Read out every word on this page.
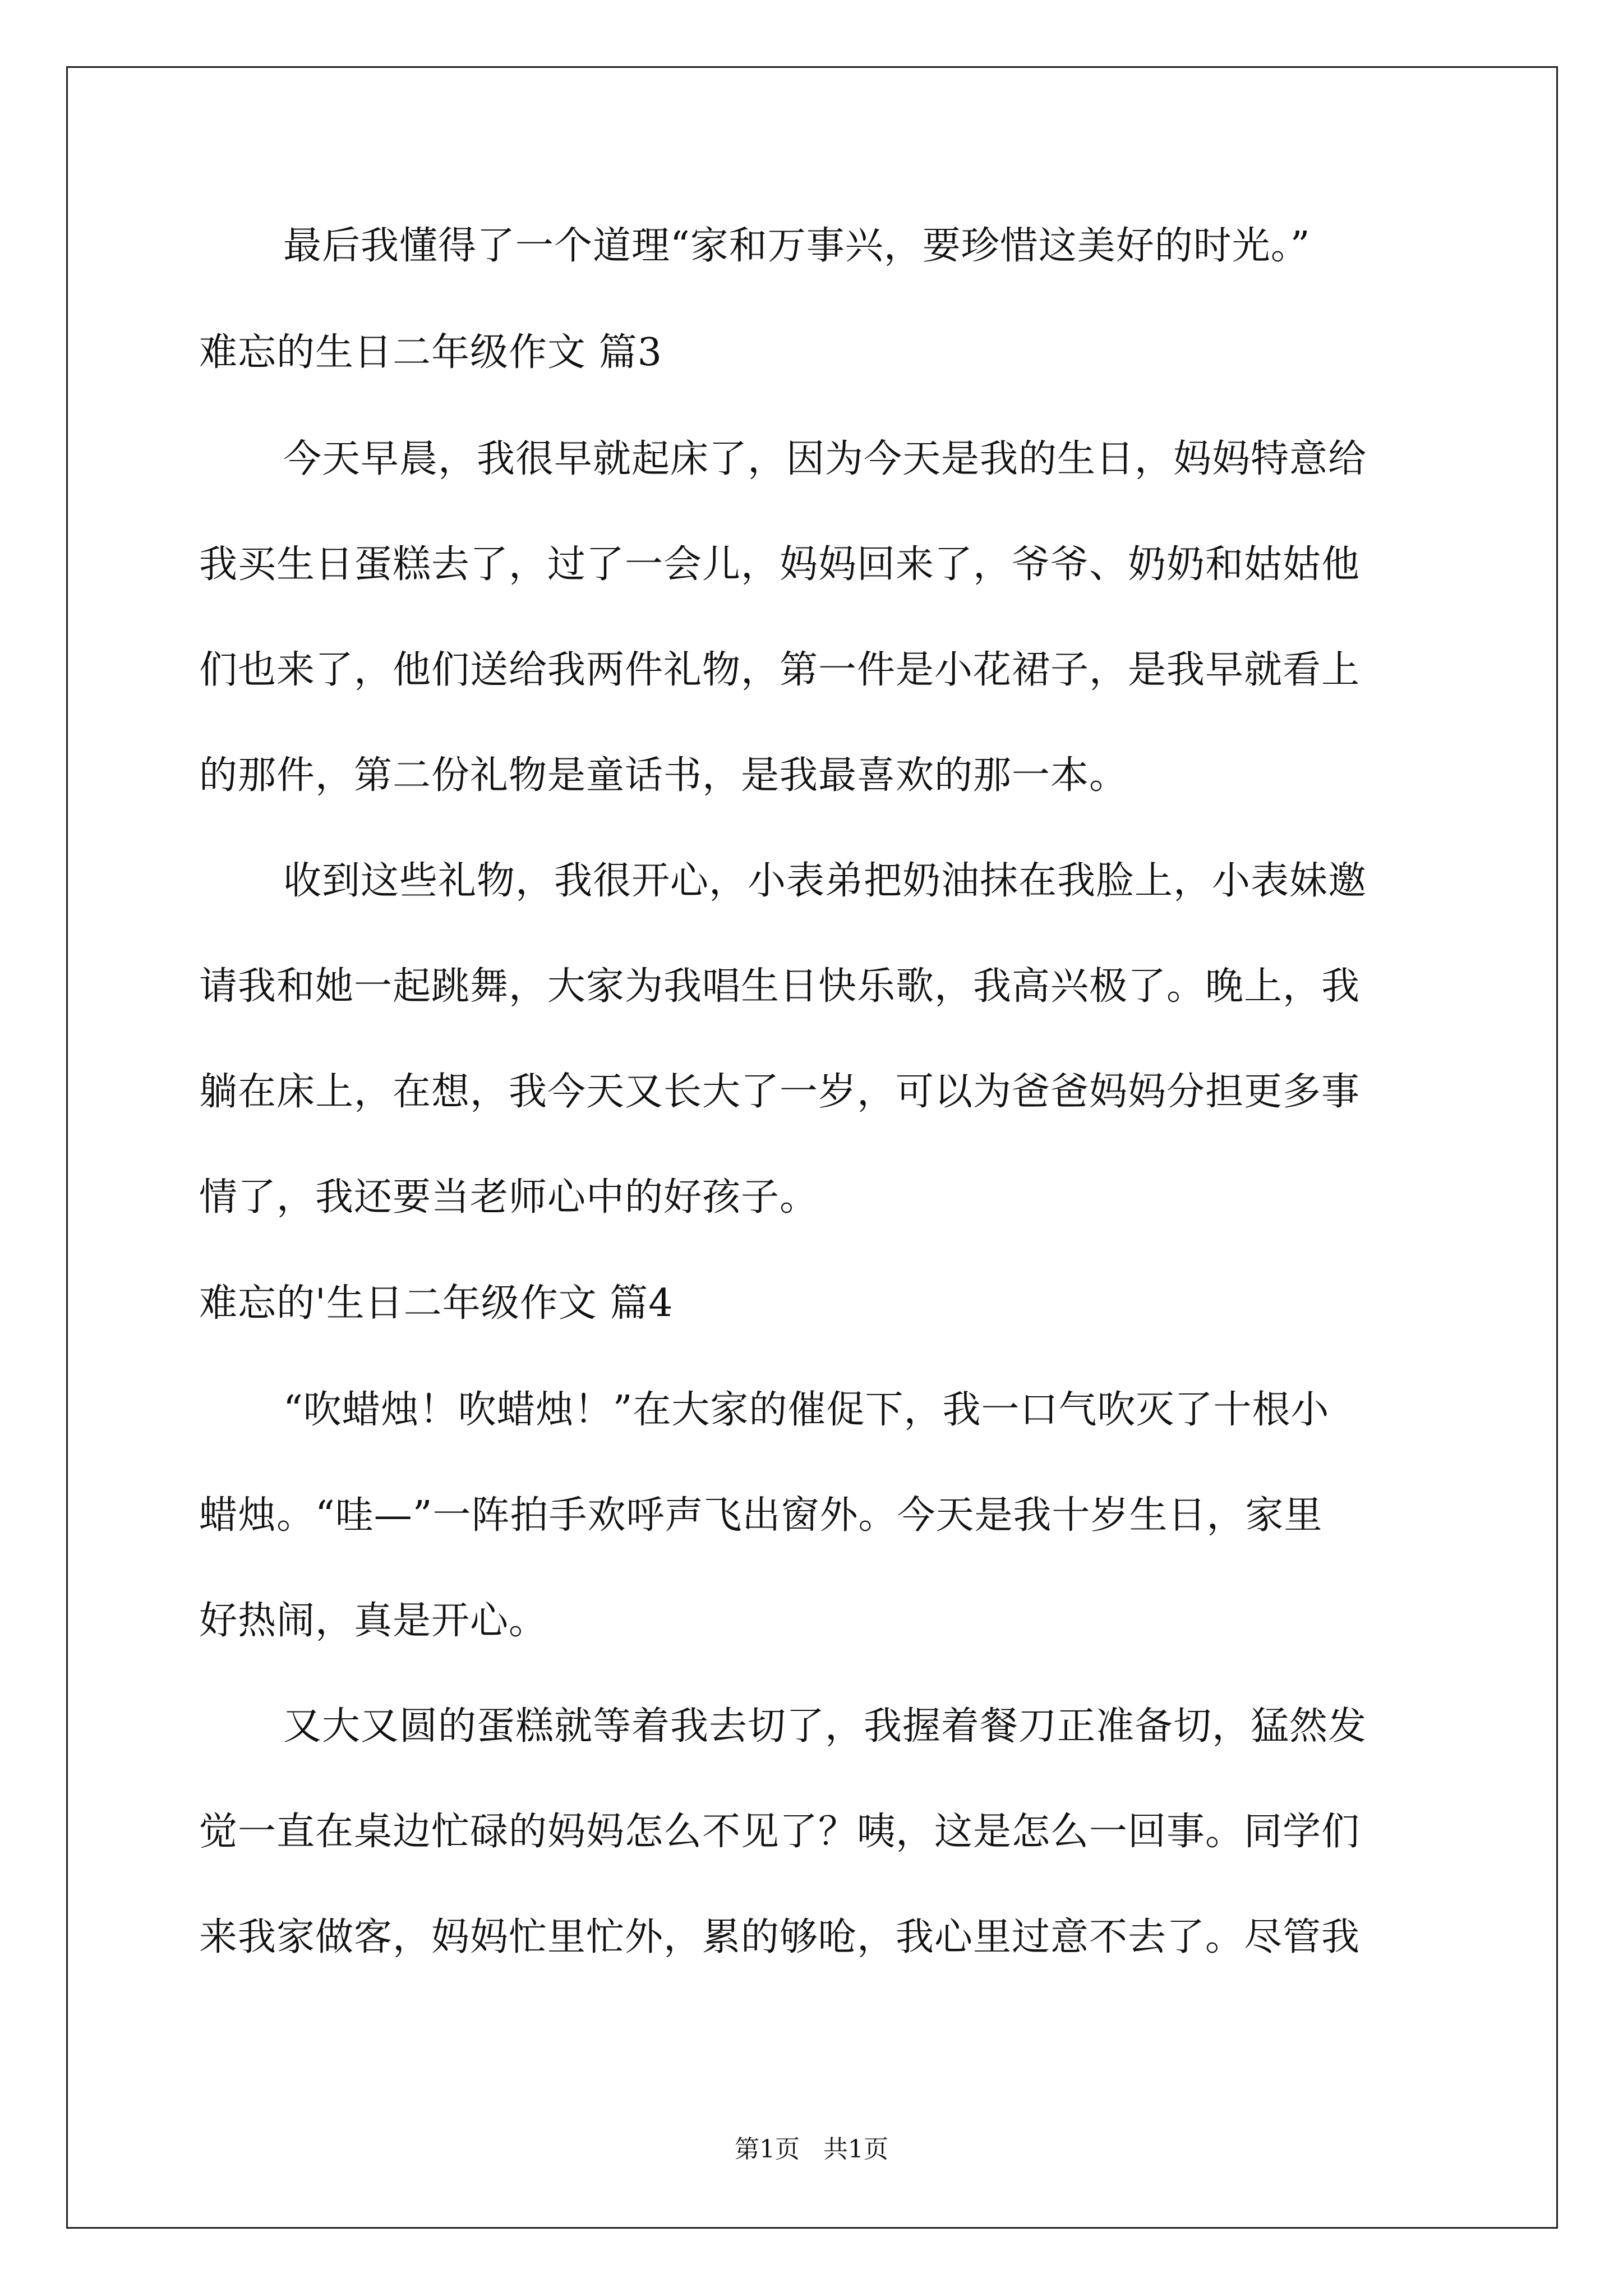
最后我懂得了一个道理“家和万事兴，要珍惜这美好的时光。”
难忘的生日二年级作文 篇3
今天早晨，我很早就起床了，因为今天是我的生日，妈妈特意给
我买生日蛋糕去了，过了一会儿，妈妈回来了，爷爷、奶奶和姑姑他
们也来了，他们送给我两件礼物，第一件是小花裙子，是我早就看上
的那件，第二份礼物是童话书，是我最喜欢的那一本。
收到这些礼物，我很开心，小表弟把奶油抹在我脸上，小表妹邀
请我和她一起跳舞，大家为我唱生日快乐歌，我高兴极了。晚上，我
躺在床上，在想，我今天又长大了一岁，可以为爸爸妈妈分担更多事
情了，我还要当老师心中的好孩子。
难忘的'生日二年级作文 篇4
“吹蜡烛！吹蜡烛！”在大家的催促下，我一口气吹灭了十根小
蜡烛。“哇—”一阵拍手欢呼声飞出窗外。今天是我十岁生日，家里
好热闹，真是开心。
又大又圆的蛋糕就等着我去切了，我握着餐刀正准备切，猛然发
觉一直在桌边忙碌的妈妈怎么不见了？咦，这是怎么一回事。同学们
来我家做客，妈妈忙里忙外，累的够呛，我心里过意不去了。尽管我
第1页 共1页
